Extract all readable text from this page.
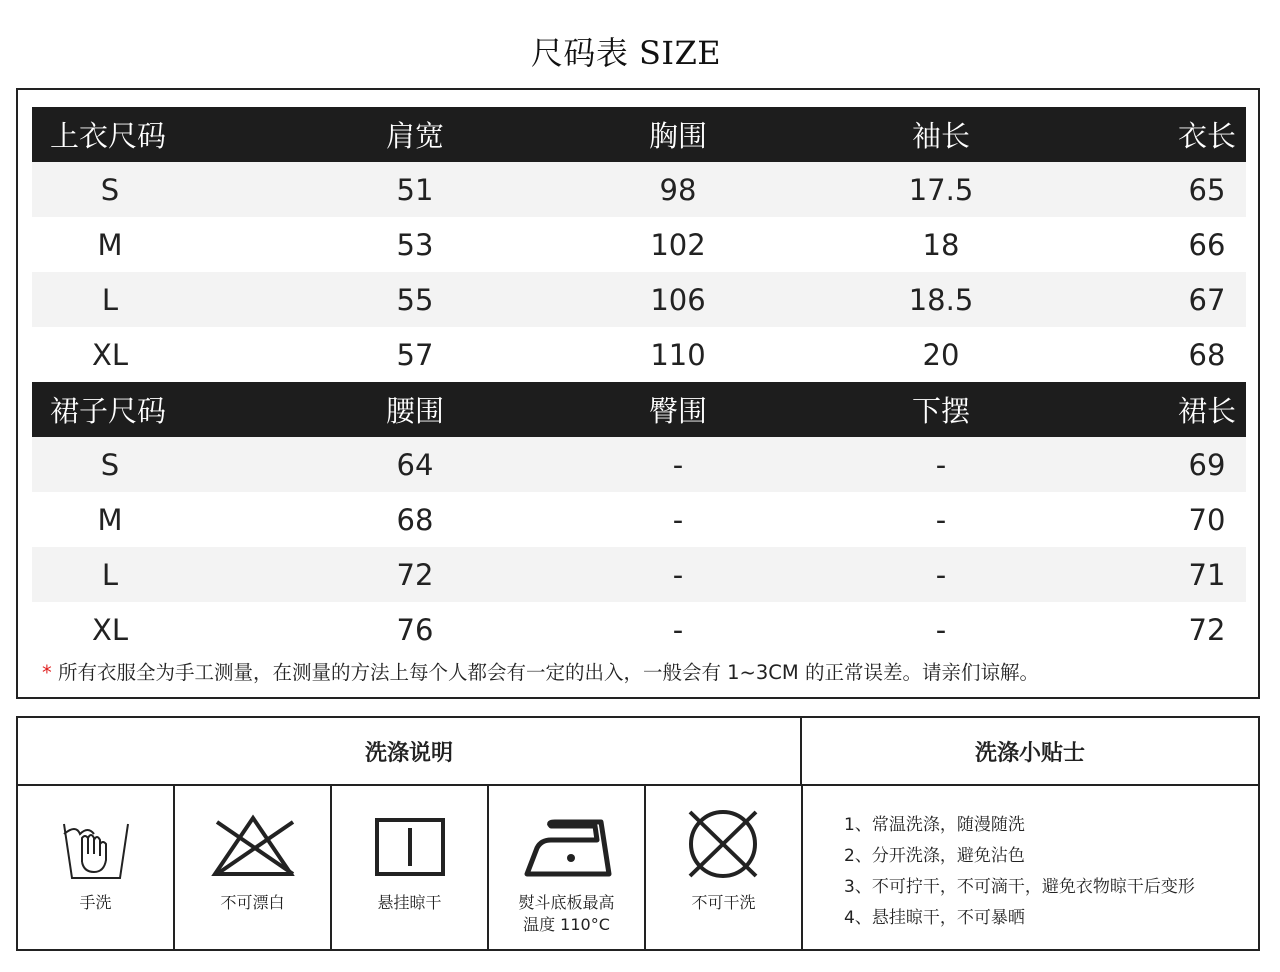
尺码表 SIZE
上衣尺码	肩宽	胸围	袖长	衣长
S	51	98	17.5	65
M	53	102	18	66
L	55	106	18.5	67
XL	57	110	20	68
裙子尺码	腰围	臀围	下摆	裙长
S	64	-	-	69
M	68	-	-	70
L	72	-	-	71
XL	76	-	-	72
* 所有衣服全为手工测量，在测量的方法上每个人都会有一定的出入，一般会有 1~3CM 的正常误差。请亲们谅解。
洗涤说明	洗涤小贴士
手洗	不可漂白	悬挂晾干	熨斗底板最高
温度 110°C
不可干洗
1、常温洗涤，随漫随洗
2、分开洗涤，避免沾色
3、不可拧干，不可滴干，避免衣物晾干后变形
4、悬挂晾干，不可暴晒
